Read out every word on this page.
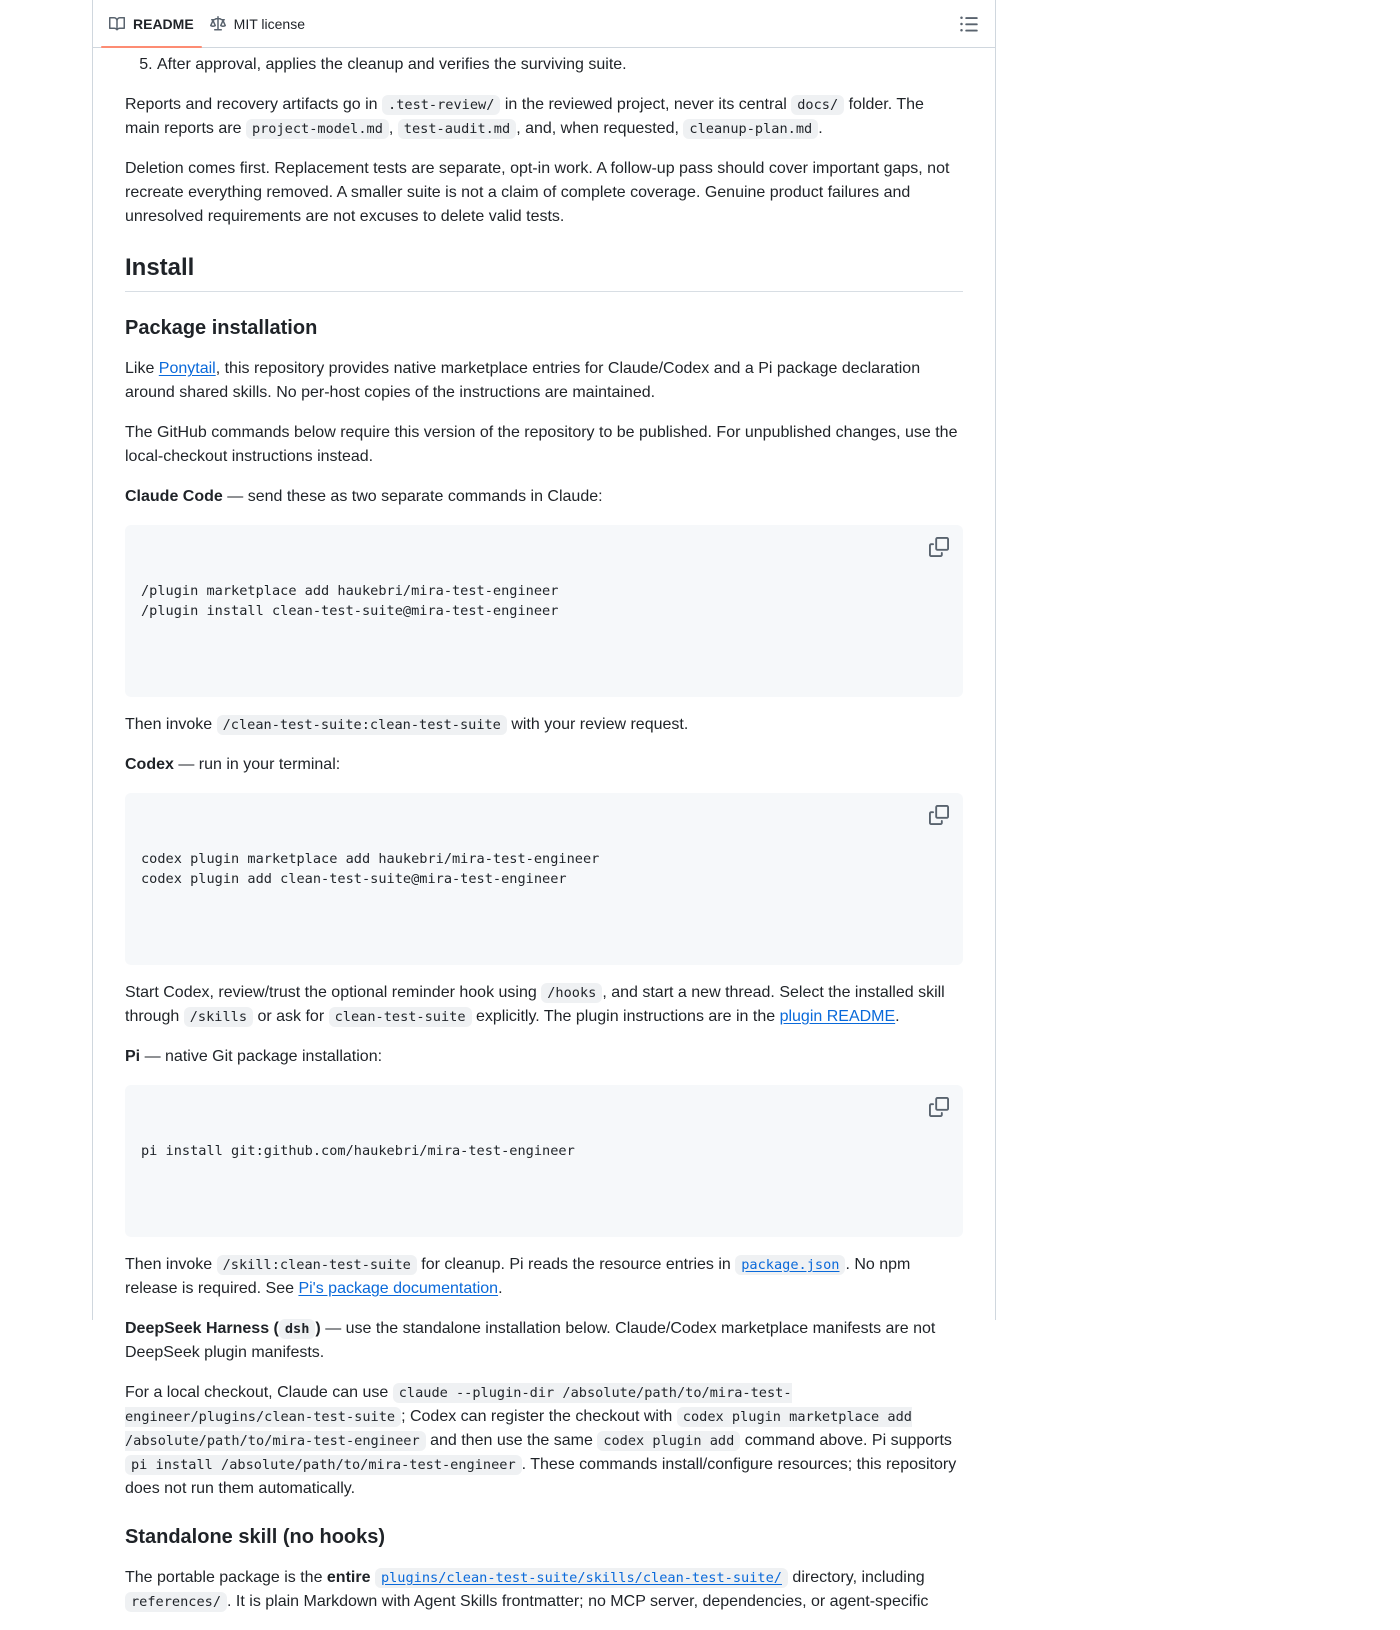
README	MIT license
5. After approval, applies the cleanup and verifies the surviving suite.

Reports and recovery artifacts go in .test-review/ in the reviewed project, never its central docs/ folder. The main reports are project-model.md , test-audit.md , and, when requested, cleanup-plan.md .

Deletion comes first. Replacement tests are separate, opt-in work. A follow-up pass should cover important gaps, not recreate everything removed. A smaller suite is not a claim of complete coverage. Genuine product failures and unresolved requirements are not excuses to delete valid tests.

Install
Package installation

Like Ponytail, this repository provides native marketplace entries for Claude/Codex and a Pi package declaration around shared skills. No per-host copies of the instructions are maintained.

The GitHub commands below require this version of the repository to be published. For unpublished changes, use the local-checkout instructions instead.

Claude Code — send these as two separate commands in Claude:

/plugin marketplace add haukebri/mira-test-engineer
/plugin install clean-test-suite@mira-test-engineer

Then invoke /clean-test-suite:clean-test-suite with your review request.

Codex — run in your terminal:

codex plugin marketplace add haukebri/mira-test-engineer
codex plugin add clean-test-suite@mira-test-engineer

Start Codex, review/trust the optional reminder hook using /hooks , and start a new thread. Select the installed skill through /skills or ask for clean-test-suite explicitly. The plugin instructions are in the plugin README.

Pi — native Git package installation:

pi install git:github.com/haukebri/mira-test-engineer

Then invoke /skill:clean-test-suite for cleanup. Pi reads the resource entries in package.json . No npm release is required. See Pi's package documentation.

DeepSeek Harness ( dsh ) — use the standalone installation below. Claude/Codex marketplace manifests are not DeepSeek plugin manifests.

For a local checkout, Claude can use claude --plugin-dir /absolute/path/to/mira-test-engineer/plugins/clean-test-suite ; Codex can register the checkout with codex plugin marketplace add /absolute/path/to/mira-test-engineer and then use the same codex plugin add command above. Pi supports pi install /absolute/path/to/mira-test-engineer . These commands install/configure resources; this repository does not run them automatically.

Standalone skill (no hooks)

The portable package is the entire plugins/clean-test-suite/skills/clean-test-suite/ directory, including references/ . It is plain Markdown with Agent Skills frontmatter; no MCP server, dependencies, or agent-specific
